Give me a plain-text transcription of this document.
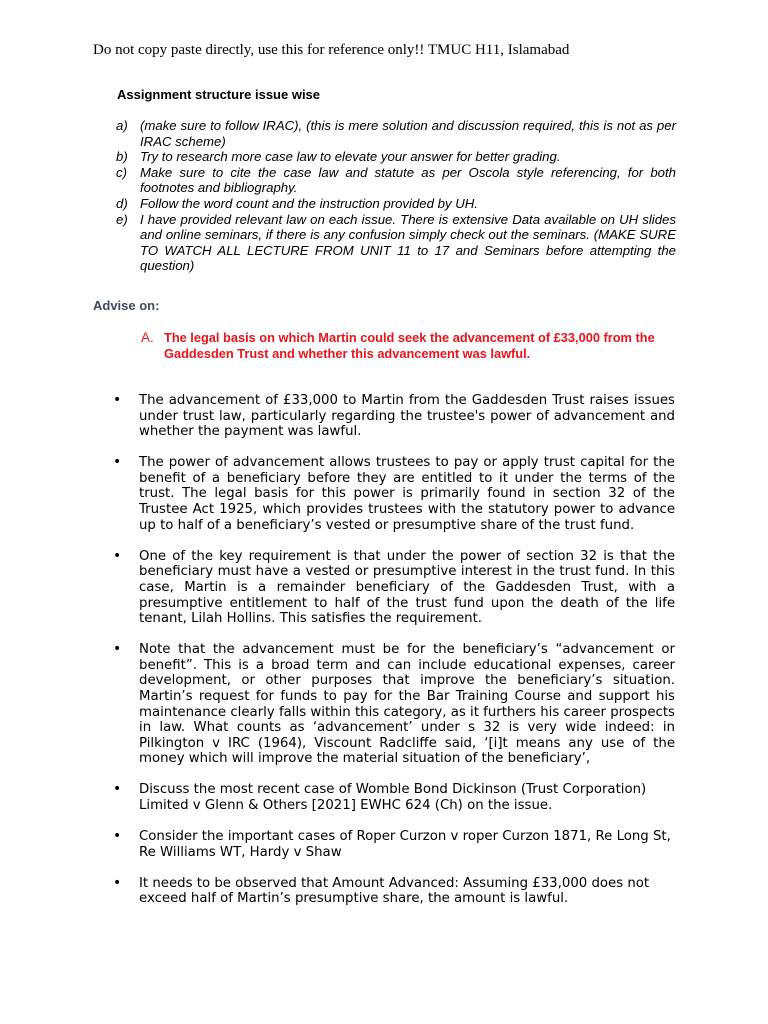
Do not copy paste directly, use this for reference only!! TMUC H11, Islamabad
Assignment structure issue wise
a) (make sure to follow IRAC), (this is mere solution and discussion required, this is not as per IRAC scheme)
b) Try to research more case law to elevate your answer for better grading.
c) Make sure to cite the case law and statute as per Oscola style referencing, for both footnotes and bibliography.
d) Follow the word count and the instruction provided by UH.
e) I have provided relevant law on each issue. There is extensive Data available on UH slides and online seminars, if there is any confusion simply check out the seminars. (MAKE SURE TO WATCH ALL LECTURE FROM UNIT 11 to 17 and Seminars before attempting the question)
Advise on:
A. The legal basis on which Martin could seek the advancement of £33,000 from the Gaddesden Trust and whether this advancement was lawful.
• The advancement of £33,000 to Martin from the Gaddesden Trust raises issues under trust law, particularly regarding the trustee's power of advancement and whether the payment was lawful.
• The power of advancement allows trustees to pay or apply trust capital for the benefit of a beneficiary before they are entitled to it under the terms of the trust. The legal basis for this power is primarily found in section 32 of the Trustee Act 1925, which provides trustees with the statutory power to advance up to half of a beneficiary’s vested or presumptive share of the trust fund.
• One of the key requirement is that under the power of section 32 is that the beneficiary must have a vested or presumptive interest in the trust fund. In this case, Martin is a remainder beneficiary of the Gaddesden Trust, with a presumptive entitlement to half of the trust fund upon the death of the life tenant, Lilah Hollins. This satisfies the requirement.
• Note that the advancement must be for the beneficiary’s “advancement or benefit”. This is a broad term and can include educational expenses, career development, or other purposes that improve the beneficiary’s situation. Martin’s request for funds to pay for the Bar Training Course and support his maintenance clearly falls within this category, as it furthers his career prospects in law. What counts as ‘advancement’ under s 32 is very wide indeed: in Pilkington v IRC (1964), Viscount Radcliffe said, ‘[i]t means any use of the money which will improve the material situation of the beneficiary’,
• Discuss the most recent case of Womble Bond Dickinson (Trust Corporation) Limited v Glenn & Others [2021] EWHC 624 (Ch) on the issue.
• Consider the important cases of Roper Curzon v roper Curzon 1871, Re Long St, Re Williams WT, Hardy v Shaw
• It needs to be observed that Amount Advanced: Assuming £33,000 does not exceed half of Martin’s presumptive share, the amount is lawful.
